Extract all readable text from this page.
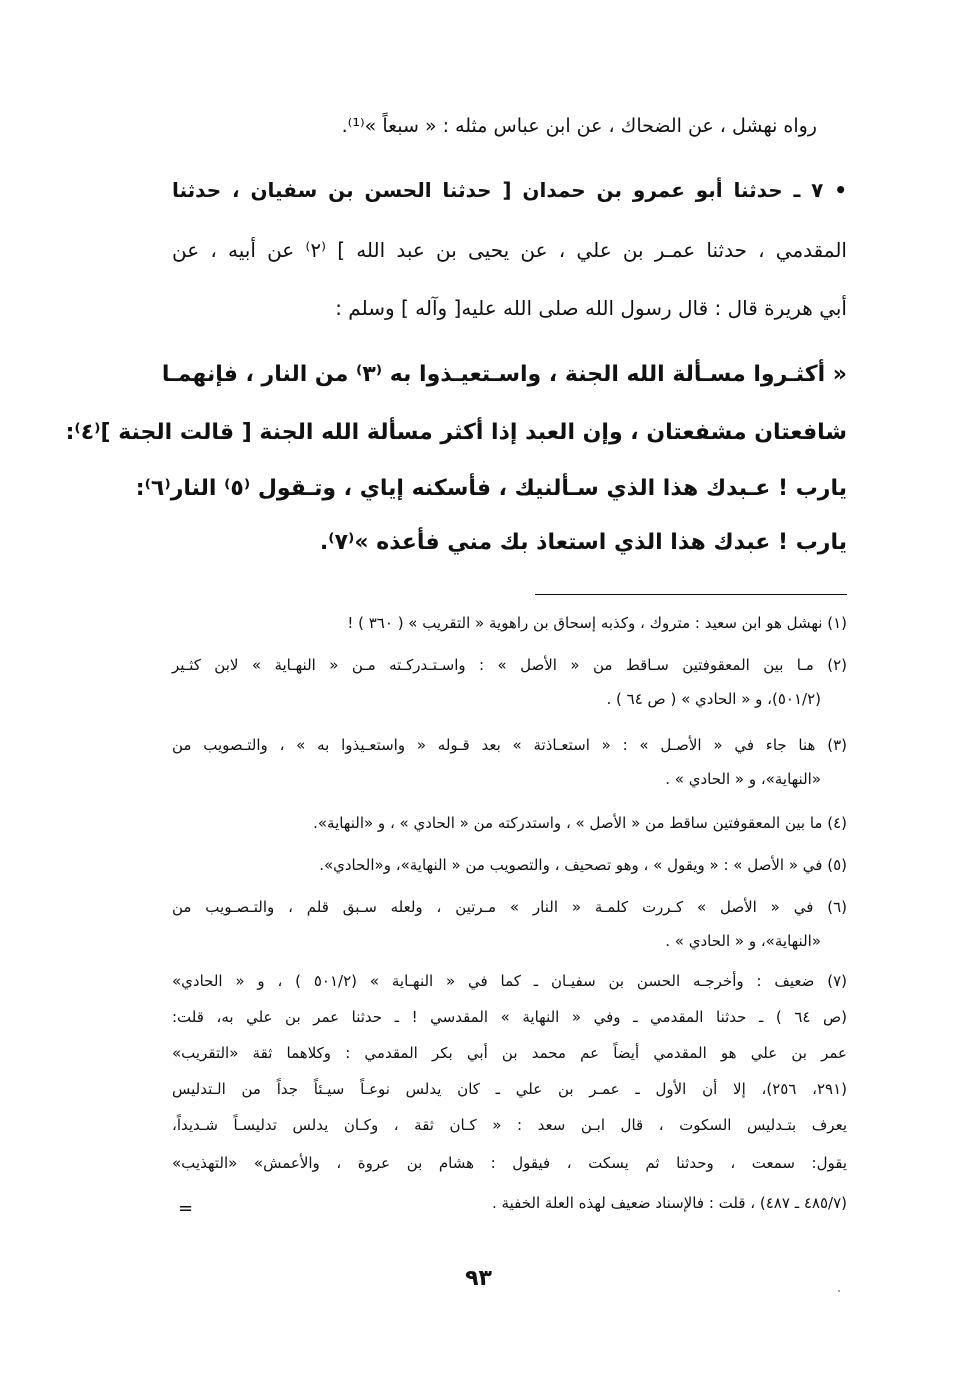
رواه نهشل ، عن الضحاك ، عن ابن عباس مثله : « سبعاً »⁽¹⁾.
• ٧ ـ حدثنا أبو عمرو بن حمدان [ حدثنا الحسن بن سفيان ، حدثنا
المقدمي ، حدثنا عمـر بن علي ، عن يحيى بن عبد الله ] ⁽٢⁾ عن أبيه ، عن
أبي هريرة قال : قال رسول الله صلى الله عليه[ وآله ] وسلم :
« أكثـروا مسـألة الله الجنة ، واسـتعيـذوا به ⁽٣⁾ من النار ، فإنهمـا
شافعتان مشفعتان ، وإن العبد إذا أكثر مسألة الله الجنة [ قالت الجنة ]⁽٤⁾:
يارب ! عـبدك هذا الذي سـألنيك ، فأسكنه إياي ، وتـقول ⁽٥⁾ النار⁽٦⁾:
يارب ! عبدك هذا الذي استعاذ بك مني فأعذه »⁽٧⁾.
(١) نهشل هو ابن سعيد : متروك ، وكذبه إسحاق بن راهوية « التقريب » ( ٣٦٠ ) !
(٢) مـا بين المعقوفتين سـاقط من « الأصل » : واسـتـدركـته مـن « النهـاية » لابن كثـير
(٥٠١/٢)، و « الحادي » ( ص ٦٤ ) .
(٣) هنا جاء في « الأصـل » : « استعـاذتة » بعد قـوله « واستعـيذوا به » ، والتـصويب من
«النهاية»، و « الحادي » .
(٤) ما بين المعقوفتين ساقط من « الأصل » ، واستدركته من « الحادي » ، و «النهاية».
(٥) في « الأصل » : « ويقول » ، وهو تصحيف ، والتصويب من « النهاية»، و«الحادي».
(٦) في « الأصل » كـررت كلمـة « النار » مـرتين ، ولعله سـبق قلم ، والتـصـويب من
«النهاية»، و « الحادي » .
(٧) ضعيف : وأخرجـه الحسن بن سفيـان ـ كما في « النهـاية » (٥٠١/٢ ) ، و « الحادي»
(ص ٦٤ ) ـ حدثنا المقدمي ـ وفي « النهاية » المقدسي ! ـ حدثنا عمر بن علي به، قلت:
عمر بن علي هو المقدمي أيضاً عم محمد بن أبي بكر المقدمي : وكلاهما ثقة «التقريب»
(٢٩١، ٢٥٦)، إلا أن الأول ـ عمـر بن علي ـ كان يدلس نوعـاً سيـئاً جداً من الـتدليس
يعرف بتـدليس السكوت ، قال ابـن سعد : « كـان ثقة ، وكـان يدلس تدليسـاً شـديداً،
يقول: سمعت ، وحدثنا ثم يسكت ، فيقول : هشام بن عروة ، والأعمش» «التهذيب»
(٤٨٥/٧ ـ ٤٨٧) ، قلت : فالإسناد ضعيف لهذه العلة الخفية .
=
٩٣
